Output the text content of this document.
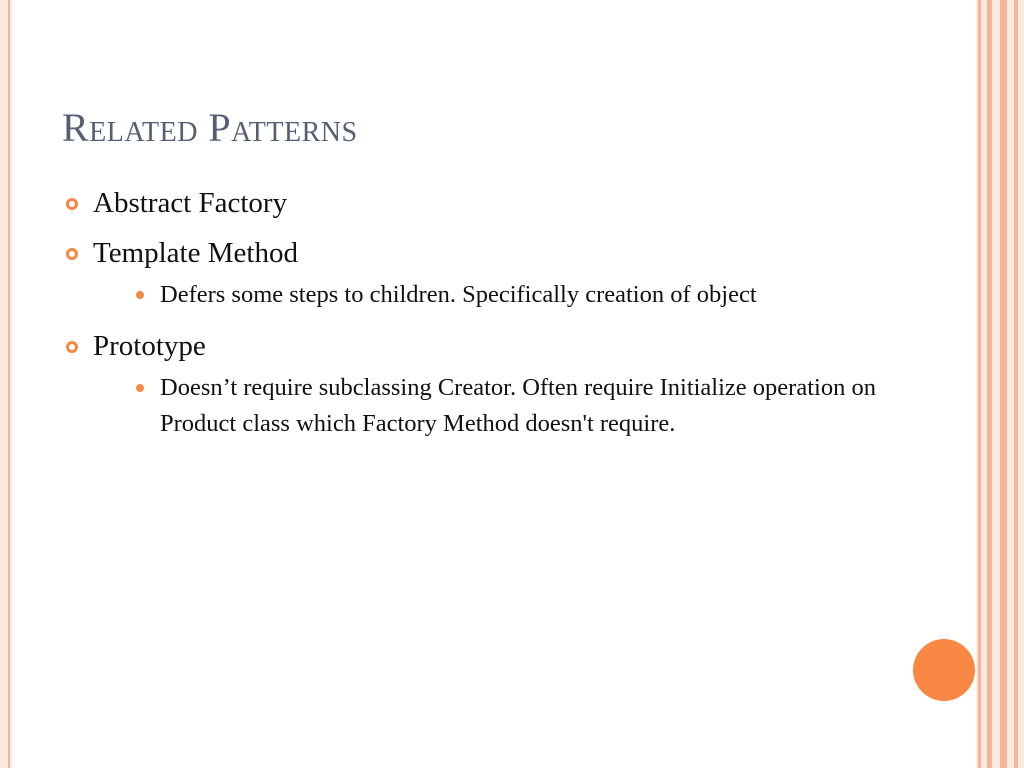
Related Patterns
Abstract Factory
Template Method
Defers some steps to children. Specifically creation of object
Prototype
Doesn’t require subclassing Creator. Often require Initialize operation on Product class which Factory Method doesn't require.
